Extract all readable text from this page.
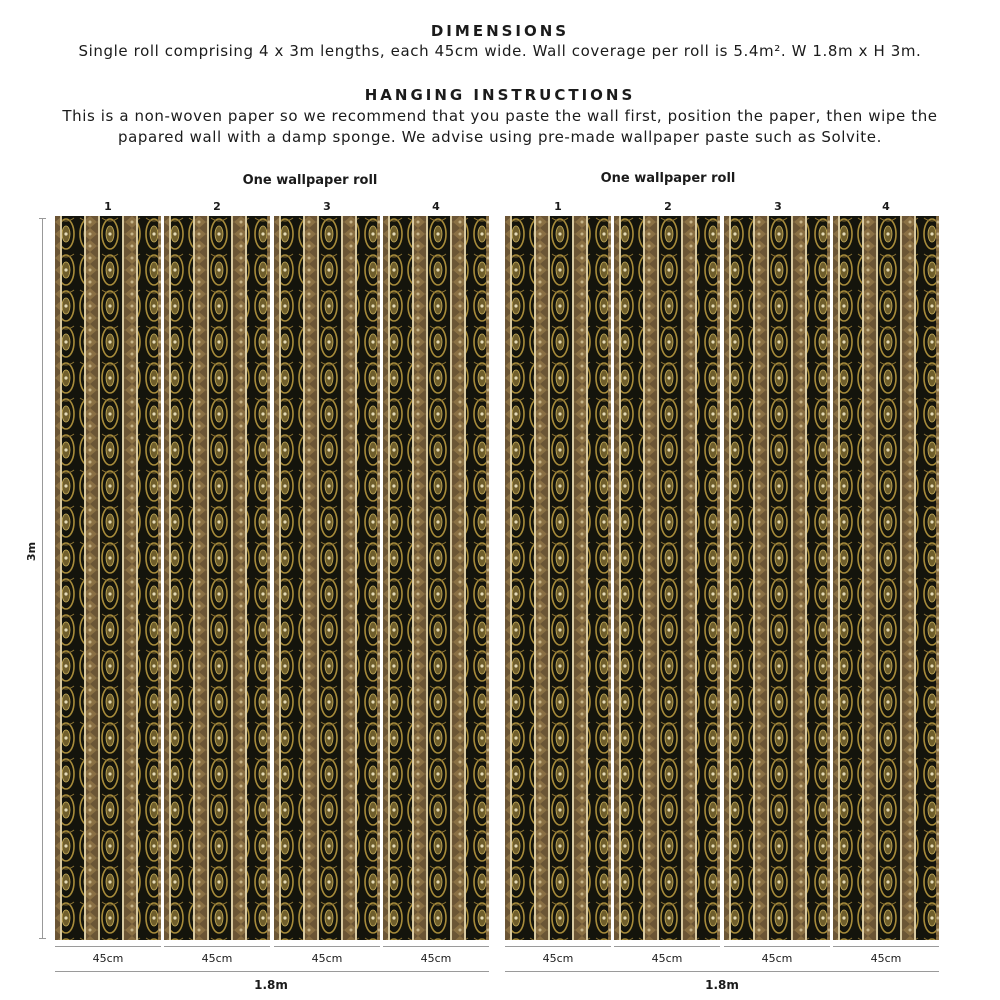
DIMENSIONS
Single roll comprising 4 x 3m lengths, each 45cm wide. Wall coverage per roll is 5.4m². W 1.8m x H 3m.
HANGING INSTRUCTIONS
This is a non-woven paper so we recommend that you paste the wall first, position the paper, then wipe the
papared wall with a damp sponge. We advise using pre-made wallpaper paste such as Solvite.
One wallpaper roll	One wallpaper roll
1	2	3	4	1	2	3	4
3m
45cm	45cm	45cm	45cm	45cm	45cm	45cm	45cm
1.8m	1.8m
